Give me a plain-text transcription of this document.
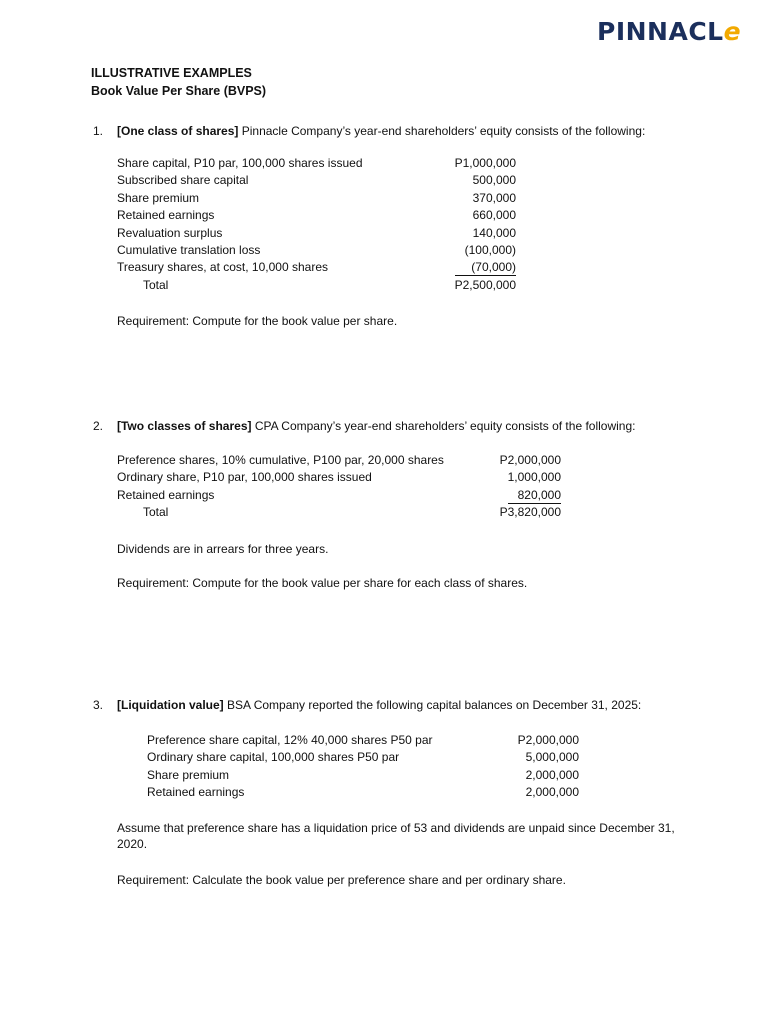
PINNACLe
ILLUSTRATIVE EXAMPLES
Book Value Per Share (BVPS)
1. [One class of shares] Pinnacle Company’s year-end shareholders’ equity consists of the following:
Share capital, P10 par, 100,000 shares issued	P1,000,000
Subscribed share capital	500,000
Share premium	370,000
Retained earnings	660,000
Revaluation surplus	140,000
Cumulative translation loss	(100,000)
Treasury shares, at cost, 10,000 shares	(70,000)
Total	P2,500,000
Requirement: Compute for the book value per share.
2. [Two classes of shares] CPA Company’s year-end shareholders’ equity consists of the following:
Preference shares, 10% cumulative, P100 par, 20,000 shares	P2,000,000
Ordinary share, P10 par, 100,000 shares issued	1,000,000
Retained earnings	820,000
Total	P3,820,000
Dividends are in arrears for three years.
Requirement: Compute for the book value per share for each class of shares.
3. [Liquidation value] BSA Company reported the following capital balances on December 31, 2025:
Preference share capital, 12% 40,000 shares P50 par	P2,000,000
Ordinary share capital, 100,000 shares P50 par	5,000,000
Share premium	2,000,000
Retained earnings	2,000,000
Assume that preference share has a liquidation price of 53 and dividends are unpaid since December 31, 2020.
Requirement: Calculate the book value per preference share and per ordinary share.
